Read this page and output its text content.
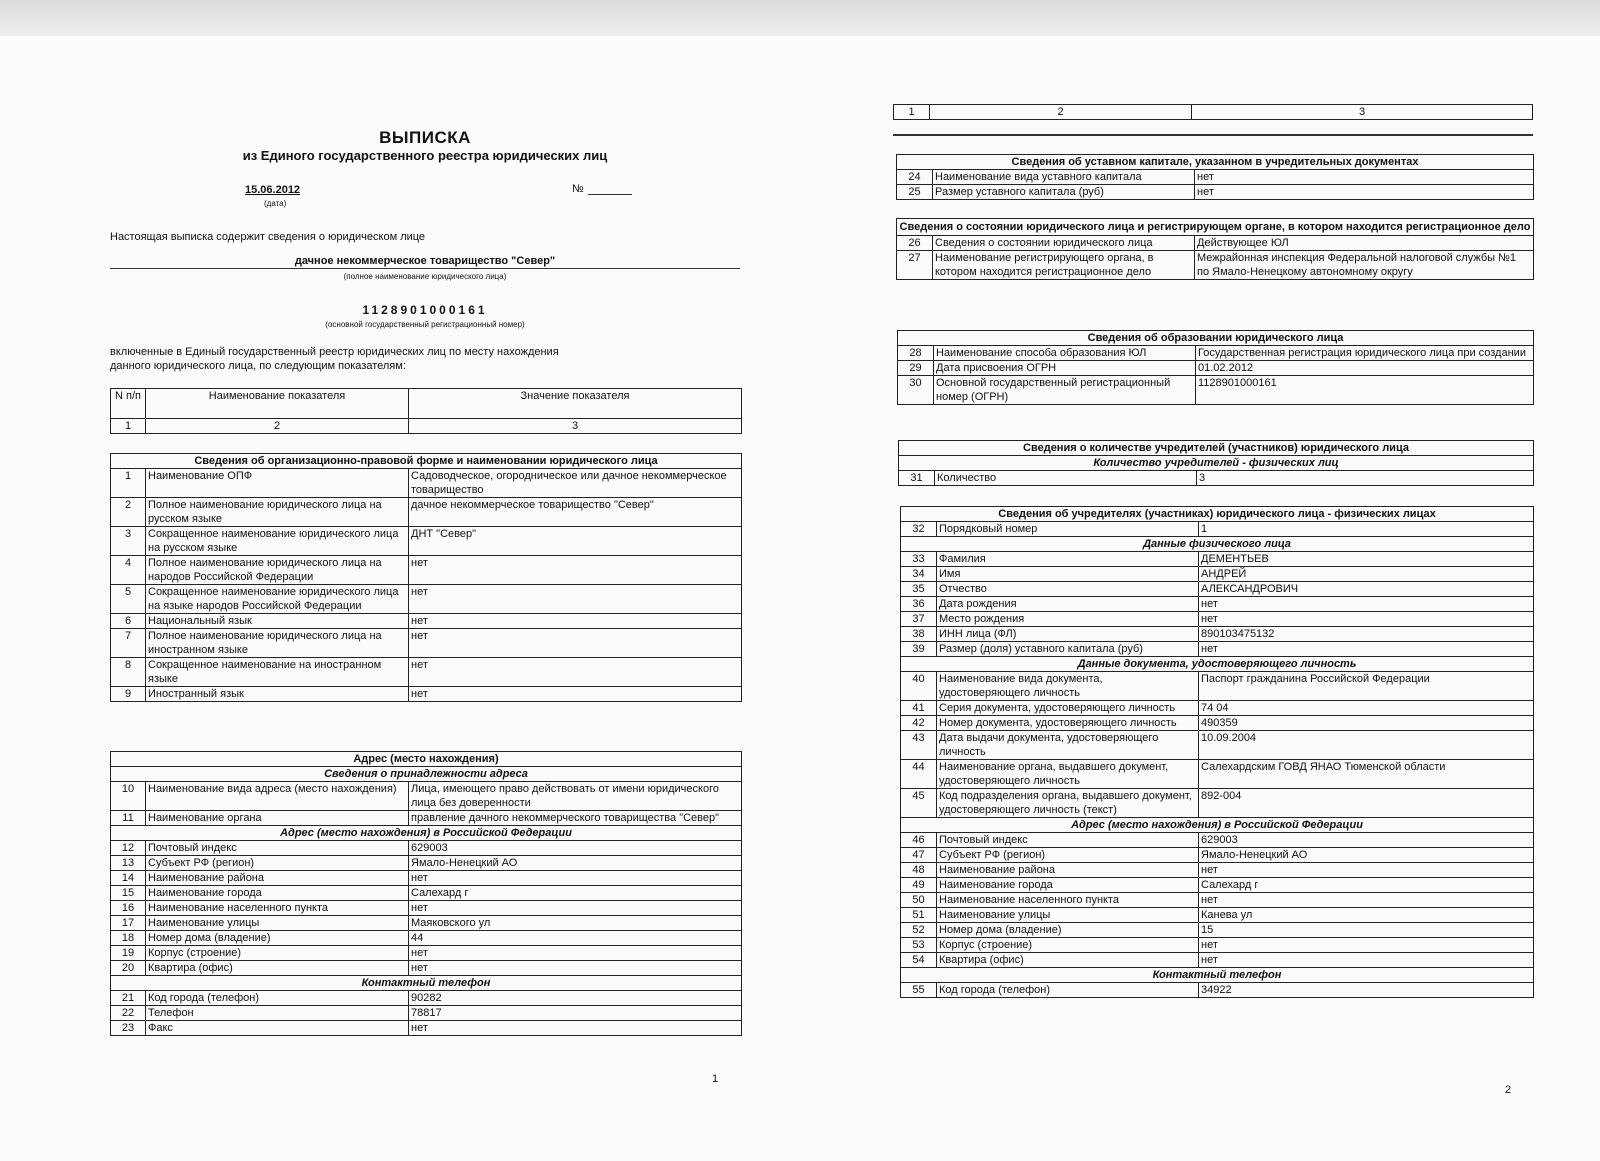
ВЫПИСКА
из Единого государственного реестра юридических лиц
15.06.2012
(дата)
№
Настоящая выписка содержит сведения о юридическом лице
дачное некоммерческое товарищество "Север"
(полное наименование юридического лица)
1128901000161
(основной государственный регистрационный номер)
включенные в Единый государственный реестр юридических лиц по месту нахождения данного юридического лица, по следующим показателям:
N п/п	Наименование показателя	Значение показателя
1	2	3
Сведения об организационно-правовой форме и наименовании юридического лица		
1	Наименование ОПФ	Садоводческое, огородническое или дачное некоммерческое товарищество
2	Полное наименование юридического лица на русском языке	дачное некоммерческое товарищество "Север"
3	Сокращенное наименование юридического лица на русском языке	ДНТ "Север"
4	Полное наименование юридического лица на народов Российской Федерации	нет
5	Сокращенное наименование юридического лица на языке народов Российской Федерации	нет
6	Национальный язык	нет
7	Полное наименование юридического лица на иностранном языке	нет
8	Сокращенное наименование на иностранном языке	нет
9	Иностранный язык	нет
Адрес (место нахождения)		
Сведения о принадлежности адреса		
10	Наименование вида адреса (место нахождения)	Лица, имеющего право действовать от имени юридического лица без доверенности
11	Наименование органа	правление дачного некоммерческого товарищества "Север"
Адрес (место нахождения) в Российской Федерации		
12	Почтовый индекс	629003
13	Субъект РФ (регион)	Ямало-Ненецкий АО
14	Наименование района	нет
15	Наименование города	Салехард г
16	Наименование населенного пункта	нет
17	Наименование улицы	Маяковского ул
18	Номер дома (владение)	44
19	Корпус (строение)	нет
20	Квартира (офис)	нет
Контактный телефон		
21	Код города (телефон)	90282
22	Телефон	78817
23	Факс	нет
1
1	2	3
Сведения об уставном капитале, указанном в учредительных документах		
24	Наименование вида уставного капитала	нет
25	Размер уставного капитала (руб)	нет
Сведения о состоянии юридического лица и регистрирующем органе, в котором находится регистрационное дело		
26	Сведения о состоянии юридического лица	Действующее ЮЛ
27	Наименование регистрирующего органа, в котором находится регистрационное дело	Межрайонная инспекция Федеральной налоговой службы №1 по Ямало-Ненецкому автономному округу
Сведения об образовании юридического лица		
28	Наименование способа образования ЮЛ	Государственная регистрация юридического лица при создании
29	Дата присвоения ОГРН	01.02.2012
30	Основной государственный регистрационный номер (ОГРН)	1128901000161
Сведения о количестве учредителей (участников) юридического лица
Количество учредителей - физических лиц
31	Количество	3
Сведения об учредителях (участниках) юридического лица - физических лицах		
32	Порядковый номер	1
Данные физического лица		
33	Фамилия	ДЕМЕНТЬЕВ
34	Имя	АНДРЕЙ
35	Отчество	АЛЕКСАНДРОВИЧ
36	Дата рождения	нет
37	Место рождения	нет
38	ИНН лица (ФЛ)	890103475132
39	Размер (доля) уставного капитала (руб)	нет
Данные документа, удостоверяющего личность		
40	Наименование вида документа, удостоверяющего личность	Паспорт гражданина Российской Федерации
41	Серия документа, удостоверяющего личность	74 04
42	Номер документа, удостоверяющего личность	490359
43	Дата выдачи документа, удостоверяющего личность	10.09.2004
44	Наименование органа, выдавшего документ, удостоверяющего личность	Салехардским ГОВД ЯНАО Тюменской области
45	Код подразделения органа, выдавшего документ, удостоверяющего личность (текст)	892-004
Адрес (место нахождения) в Российской Федерации		
46	Почтовый индекс	629003
47	Субъект РФ (регион)	Ямало-Ненецкий АО
48	Наименование района	нет
49	Наименование города	Салехард г
50	Наименование населенного пункта	нет
51	Наименование улицы	Канева ул
52	Номер дома (владение)	15
53	Корпус (строение)	нет
54	Квартира (офис)	нет
Контактный телефон		
55	Код города (телефон)	34922
2
